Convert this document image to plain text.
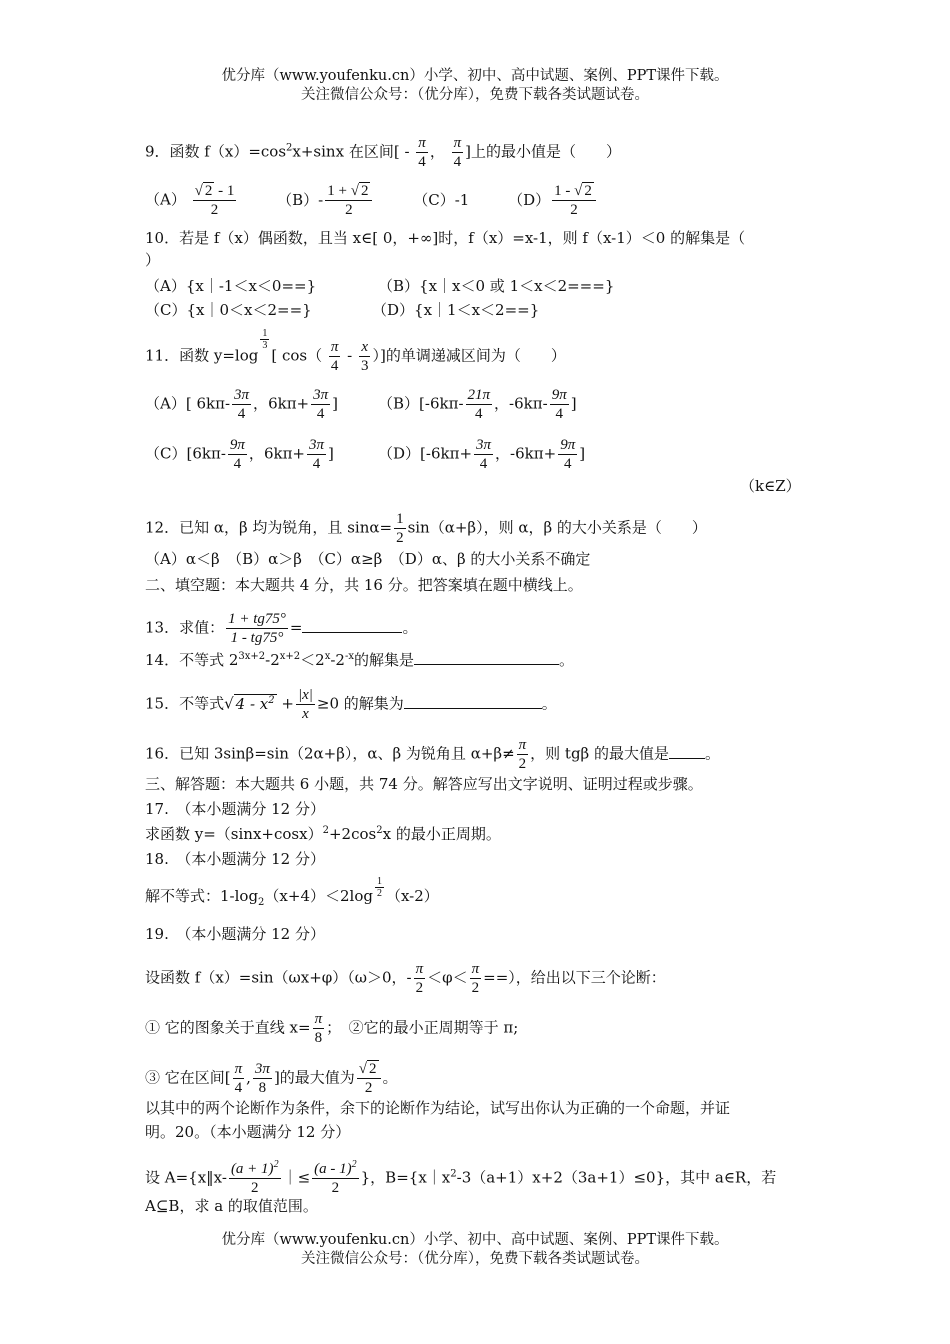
优分库（www.youfenku.cn）小学、初中、高中试题、案例、PPT课件下载。
关注微信公众号：（优分库），免费下载各类试题试卷。
9．函数 $f(x)=\cos^2x+\sin x$ 在区间[ - $\frac{\pi}{4}$ ， $\frac{\pi}{4}$ ]上的最小值是（　　）
$(A) \frac{√ 2 - 1}{2}$	$(B)- \frac{1 + √ 2}{2}$	（C）-1	$(D) \frac{1 - √ 2}{2}$
10．若是 f（x）偶函数，且当 x∈[ 0，+∞]时，f（x）=x-1，则 f（x-1）＜0 的解集是（
）
（A）{x｜-1＜x＜0==}	（B）{x｜x＜0 或 1＜x＜2===}
（C）{x｜0＜x＜2==}	（D）{x｜1＜x＜2==}
11．函数 y=log
$\frac{1}{3}$
[ $\cos( \frac{\pi}{4} - \frac{x}{3}$ ）]的单调递减区间为（　　）
（A）[ $6k\pi- \frac{3\pi}{4}$ ，$6k\pi+ \frac{3\pi}{4}$ ]	$(B)[-6k\pi- \frac{21\pi}{4}$ ，$-6k\pi- \frac{9\pi}{4}$ ]
$(C)[6k\pi- \frac{9\pi}{4}$ ，$6k\pi+ \frac{3\pi}{4}$ ]	$(D)[-6k\pi+ \frac{3\pi}{4}$ ，$-6k\pi+ \frac{9\pi}{4}$ ]
（k∈Z）
12．已知 α，β 均为锐角，且 $\sin\alpha= \frac{1}{2} \sin(\alpha+\beta)$，则 α，β 的大小关系是（　　）
（A）α＜β　（B）α＞β　（C）α≥β　（D）α、β 的大小关系不确定
二、填空题：本大题共 4 分，共 16 分。把答案填在题中横线上。
13．求值： $\frac{1 + tg75^\circ}{1 - tg75^\circ}$ =	。
14．不等式 $2^{3x+2}-2^{x+2}<2^x-2^{-x}$的解集是	。
15．不等式√ $4 - x^2 + \frac{|x|}{x} \ge 0$ 的解集为	。
16．已知 3sinβ=sin（2α+β），α、β 为锐角且 $\alpha+\beta\ne \frac{\pi}{2}$ ，则 tgβ 的最大值是 。
三、解答题：本大题共 6 小题，共 74 分。解答应写出文字说明、证明过程或步骤。
17.　（本小题满分 12 分）
求函数 $y=(\sin x+\cos x)^2+2\cos^2x$ 的最小正周期。
18.　（本小题满分 12 分）
解不等式：$1-\log_2(x+4)<2\log \frac{1}{2} (x-2)$
19.　（本小题满分 12 分）
设函数 f（x）=sin（ωx+φ）（ω＞0，- $\frac{\pi}{2} <\varphi< \frac{\pi}{2}$ ==），给出以下三个论断：
① 它的图象关于直线 $x= \frac{\pi}{8}$ ；　②它的最小正周期等于 π;
③ 它在区间[ $\frac{\pi}{4}$ , $\frac{3\pi}{8}$ ]的最大值为 $\frac{√ 2}{2}$ 。
以其中的两个论断作为条件，余下的论断作为结论，试写出你认为正确的一个命题，并证
明。20。（本小题满分 12 分）
设 A={x‖x- $\frac{(a + 1)^2}{2}$ ｜≤ $\frac{(a - 1)^2}{2}$ }，$B=\{x|x^2-3(a+1)x+2(3a+1)\le 0\}$，其中 a∈R，若
A⊆B，求 a 的取值范围。
优分库（www.youfenku.cn）小学、初中、高中试题、案例、PPT课件下载。
关注微信公众号：（优分库），免费下载各类试题试卷。
